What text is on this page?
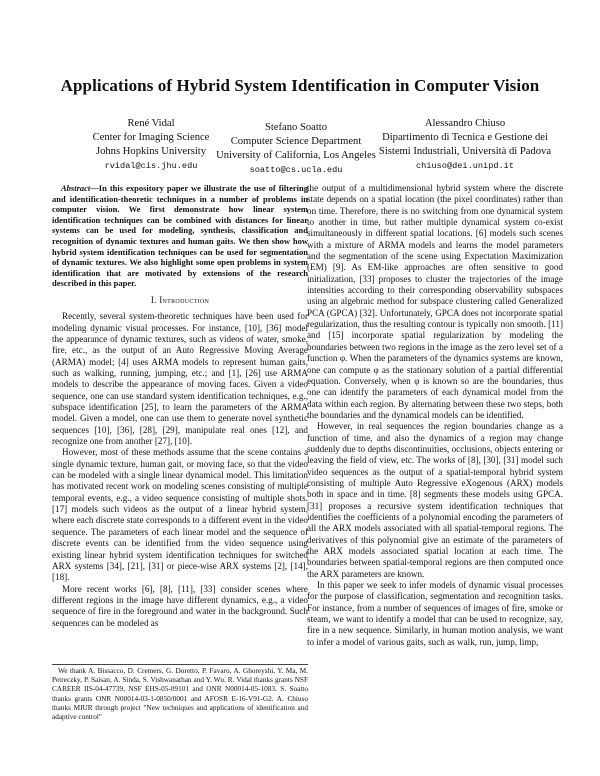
Applications of Hybrid System Identification in Computer Vision
René Vidal
Center for Imaging Science
Johns Hopkins University
rvidal@cis.jhu.edu
Stefano Soatto
Computer Science Department
University of California, Los Angeles
soatto@cs.ucla.edu
Alessandro Chiuso
Dipartimento di Tecnica e Gestione dei
Sistemi Industriali, Università di Padova
chiuso@dei.unipd.it

Abstract—In this expository paper we illustrate the use of filtering and identification-theoretic techniques in a number of problems in computer vision. We first demonstrate how linear system identification techniques can be combined with distances for linear systems can be used for modeling, synthesis, classification and recognition of dynamic textures and human gaits. We then show how hybrid system identification techniques can be used for segmentation of dynamic textures. We also highlight some open problems in system identification that are motivated by extensions of the research described in this paper.

I. Introduction

Recently, several system-theoretic techniques have been used for modeling dynamic visual processes. For instance, [10], [36] model the appearance of dynamic textures, such as videos of water, smoke, fire, etc., as the output of an Auto Regressive Moving Average (ARMA) model; [4] uses ARMA models to represent human gaits, such as walking, running, jumping, etc.; and [1], [26] use ARMA models to describe the appearance of moving faces. Given a video sequence, one can use standard system identification techniques, e.g., subspace identification [25], to learn the parameters of the ARMA model. Given a model, one can use them to generate novel synthetic sequences [10], [36], [28], [29], manipulate real ones [12], and recognize one from another [27], [10].

However, most of these methods assume that the scene contains a single dynamic texture, human gait, or moving face, so that the video can be modeled with a single linear dynamical model. This limitation has motivated recent work on modeling scenes consisting of multiple temporal events, e.g., a video sequence consisting of multiple shots. [17] models such videos as the output of a linear hybrid system, where each discrete state corresponds to a different event in the video sequence. The parameters of each linear model and the sequence of discrete events can be identified from the video sequence using existing linear hybrid system identification techniques for switched ARX systems [34], [21], [31] or piece-wise ARX systems [2], [14], [18].

More recent works [6], [8], [11], [33] consider scenes where different regions in the image have different dynamics, e.g., a video sequence of fire in the foreground and water in the background. Such sequences can be modeled as

We thank A. Bissacco, D. Cremers, G. Doretto, P. Favaro, A. Ghoreyshi, Y. Ma, M. Petreczky, P. Saisan, A. Sinda, S. Vishwanathan and Y. Wu. R. Vidal thanks grants NSF CAREER IIS-04-47739, NSF EHS-05-09101 and ONR N00014-05-1083. S. Soatto thanks grants ONR N00014-03-1-0850/0001 and AFOSR E-16-V91-G2. A. Chiuso thanks MIUR through project "New techniques and applications of identification and adaptive control"

the output of a multidimensional hybrid system where the discrete state depends on a spatial location (the pixel coordinates) rather than on time. Therefore, there is no switching from one dynamical system to another in time, but rather multiple dynamical system co-exist simultaneously in different spatial locations. [6] models such scenes with a mixture of ARMA models and learns the model parameters and the segmentation of the scene using Expectation Maximization (EM) [9]. As EM-like approaches are often sensitive to good initialization, [33] proposes to cluster the trajectories of the image intensities according to their corresponding observability subspaces using an algebraic method for subspace clustering called Generalized PCA (GPCA) [32]. Unfortunately, GPCA does not incorporate spatial regularization, thus the resulting contour is typically non smooth. [11] and [15] incorporate spatial regularization by modeling the boundaries between two regions in the image as the zero level set of a function φ. When the parameters of the dynamics systems are known, one can compute φ as the stationary solution of a partial differential equation. Conversely, when φ is known so are the boundaries, thus one can identify the parameters of each dynamical model from the data within each region. By alternating between these two steps, both the boundaries and the dynamical models can be identified.

However, in real sequences the region boundaries change as a function of time, and also the dynamics of a region may change suddenly due to depths discontinuities, occlusions, objects entering or leaving the field of view, etc. The works of [8], [30], [31] model such video sequences as the output of a spatial-temporal hybrid system consisting of multiple Auto Regressive eXogenous (ARX) models both in space and in time. [8] segments these models using GPCA. [31] proposes a recursive system identification techniques that identifies the coefficients of a polynomial encoding the parameters of all the ARX models associated with all spatial-temporal regions. The derivatives of this polynomial give an estimate of the parameters of the ARX models associated spatial location at each time. The boundaries between spatial-temporal regions are then computed once the ARX parameters are known.

In this paper we seek to infer models of dynamic visual processes for the purpose of classification, segmentation and recognition tasks. For instance, from a number of sequences of images of fire, smoke or steam, we want to identify a model that can be used to recognize, say, fire in a new sequence. Similarly, in human motion analysis, we want to infer a model of various gaits, such as walk, run, jump, limp,
